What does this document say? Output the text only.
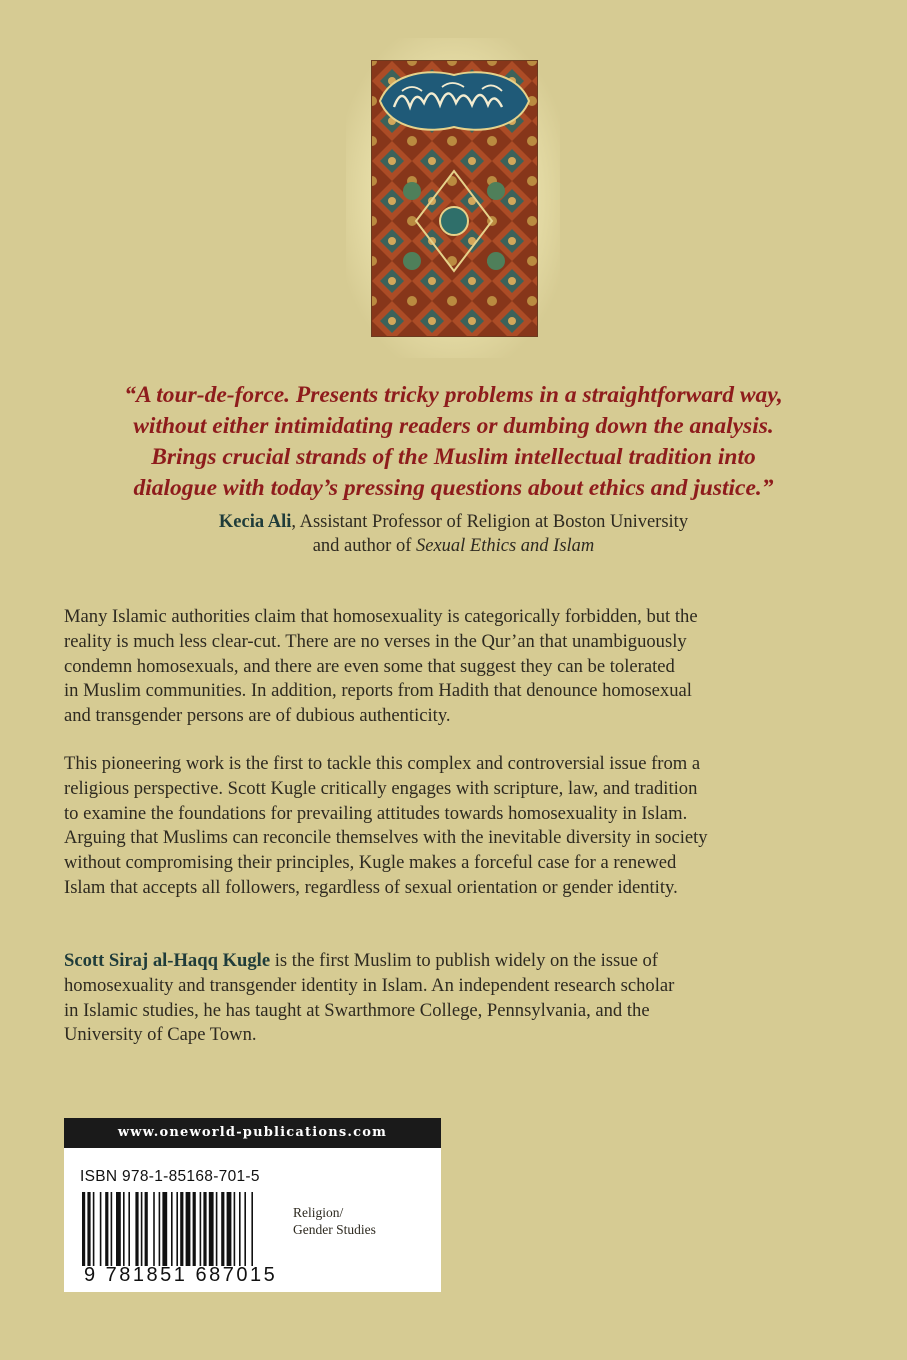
“A tour-de-force. Presents tricky problems in a straightforward way,
without either intimidating readers or dumbing down the analysis.
Brings crucial strands of the Muslim intellectual tradition into
dialogue with today’s pressing questions about ethics and justice.”

Kecia Ali, Assistant Professor of Religion at Boston University
and author of Sexual Ethics and Islam

Many Islamic authorities claim that homosexuality is categorically forbidden, but the
reality is much less clear-cut. There are no verses in the Qur’an that unambiguously
condemn homosexuals, and there are even some that suggest they can be tolerated
in Muslim communities. In addition, reports from Hadith that denounce homosexual
and transgender persons are of dubious authenticity.

This pioneering work is the first to tackle this complex and controversial issue from a
religious perspective. Scott Kugle critically engages with scripture, law, and tradition
to examine the foundations for prevailing attitudes towards homosexuality in Islam.
Arguing that Muslims can reconcile themselves with the inevitable diversity in society
without compromising their principles, Kugle makes a forceful case for a renewed
Islam that accepts all followers, regardless of sexual orientation or gender identity.

Scott Siraj al-Haqq Kugle is the first Muslim to publish widely on the issue of
homosexuality and transgender identity in Islam. An independent research scholar
in Islamic studies, he has taught at Swarthmore College, Pennsylvania, and the
University of Cape Town.

www.oneworld-publications.com
ISBN 978-1-85168-701-5
9 781851 687015
Religion/
Gender Studies
